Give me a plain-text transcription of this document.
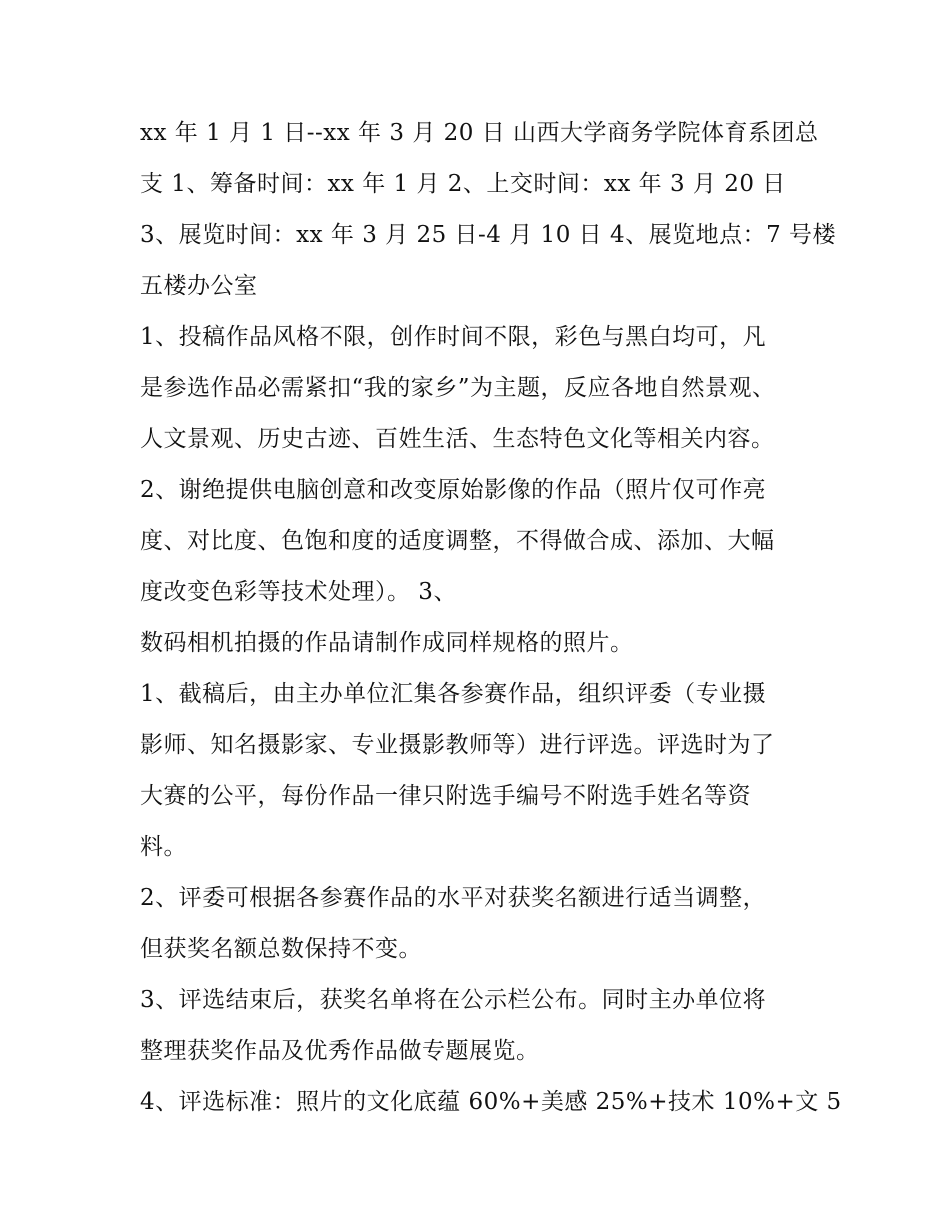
xx 年 1 月 1 日--xx 年 3 月 20 日 山西大学商务学院体育系团总
支 1、筹备时间：xx 年 1 月 2、上交时间：xx 年 3 月 20 日
3、展览时间：xx 年 3 月 25 日-4 月 10 日 4、展览地点：7 号楼
五楼办公室
1、投稿作品风格不限，创作时间不限，彩色与黑白均可，凡
是参选作品必需紧扣“我的家乡”为主题，反应各地自然景观、
人文景观、历史古迹、百姓生活、生态特色文化等相关内容。
2、谢绝提供电脑创意和改变原始影像的作品（照片仅可作亮
度、对比度、色饱和度的适度调整，不得做合成、添加、大幅
度改变色彩等技术处理）。 3、
数码相机拍摄的作品请制作成同样规格的照片。
1、截稿后，由主办单位汇集各参赛作品，组织评委（专业摄
影师、知名摄影家、专业摄影教师等）进行评选。评选时为了
大赛的公平，每份作品一律只附选手编号不附选手姓名等资
料。
2、评委可根据各参赛作品的水平对获奖名额进行适当调整，
但获奖名额总数保持不变。
3、评选结束后，获奖名单将在公示栏公布。同时主办单位将
整理获奖作品及优秀作品做专题展览。
4、评选标准：照片的文化底蕴 60%+美感 25%+技术 10%+文 5
